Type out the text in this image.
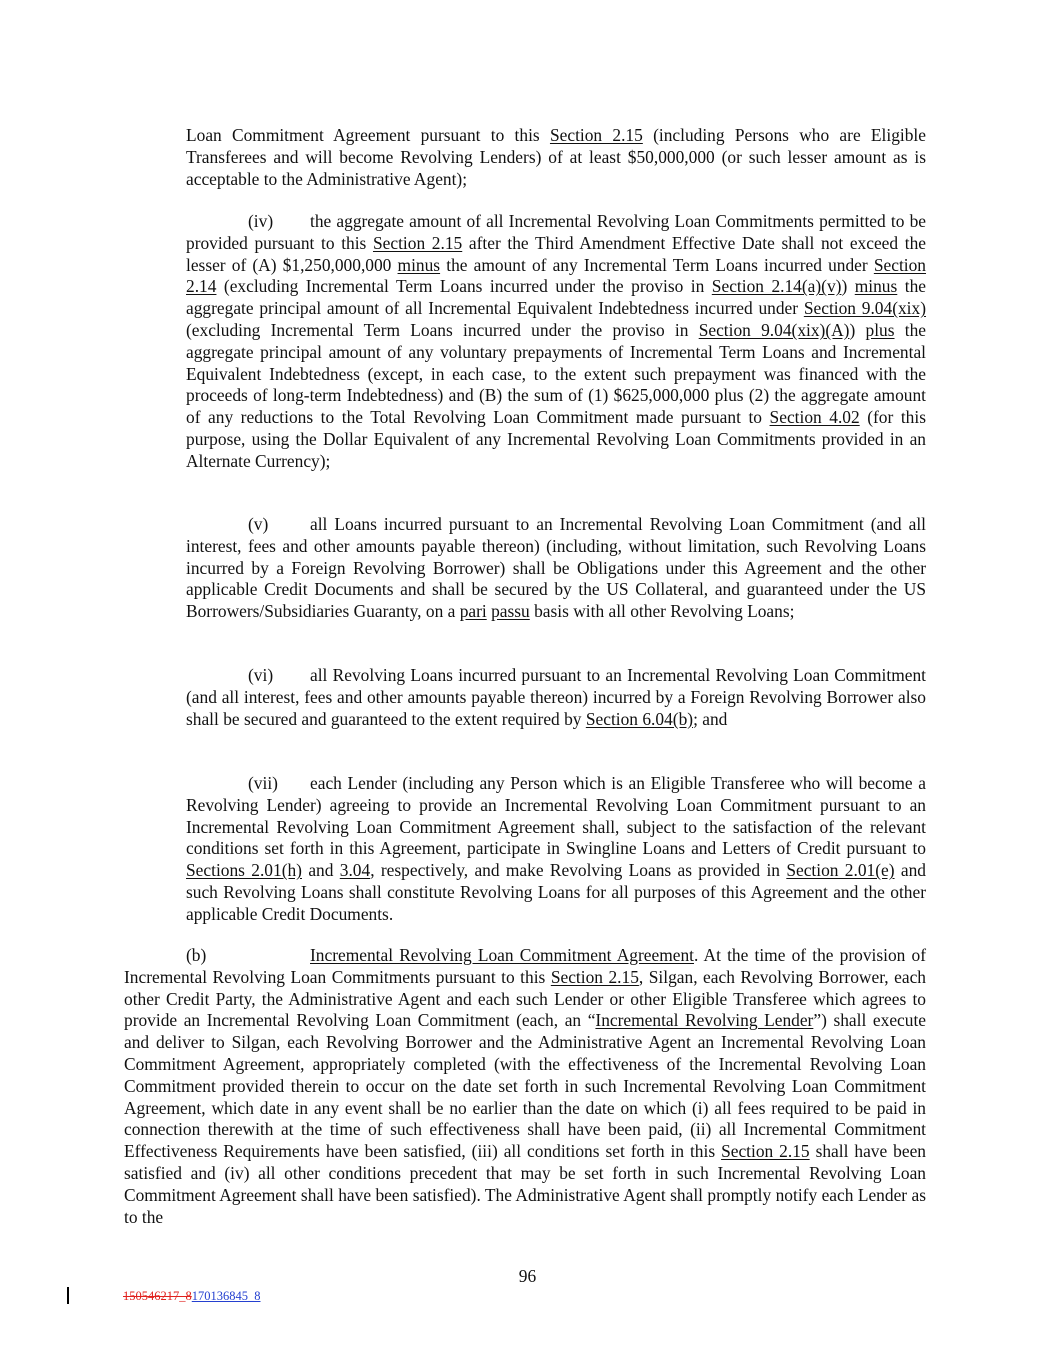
Loan Commitment Agreement pursuant to this Section 2.15 (including Persons who are Eligible Transferees and will become Revolving Lenders) of at least $50,000,000 (or such lesser amount as is acceptable to the Administrative Agent);

(iv) the aggregate amount of all Incremental Revolving Loan Commitments permitted to be provided pursuant to this Section 2.15 after the Third Amendment Effective Date shall not exceed the lesser of (A) $1,250,000,000 minus the amount of any Incremental Term Loans incurred under Section 2.14 (excluding Incremental Term Loans incurred under the proviso in Section 2.14(a)(v)) minus the aggregate principal amount of all Incremental Equivalent Indebtedness incurred under Section 9.04(xix) (excluding Incremental Term Loans incurred under the proviso in Section 9.04(xix)(A)) plus the aggregate principal amount of any voluntary prepayments of Incremental Term Loans and Incremental Equivalent Indebtedness (except, in each case, to the extent such prepayment was financed with the proceeds of long-term Indebtedness) and (B) the sum of (1) $625,000,000 plus (2) the aggregate amount of any reductions to the Total Revolving Loan Commitment made pursuant to Section 4.02 (for this purpose, using the Dollar Equivalent of any Incremental Revolving Loan Commitments provided in an Alternate Currency);

(v) all Loans incurred pursuant to an Incremental Revolving Loan Commitment (and all interest, fees and other amounts payable thereon) (including, without limitation, such Revolving Loans incurred by a Foreign Revolving Borrower) shall be Obligations under this Agreement and the other applicable Credit Documents and shall be secured by the US Collateral, and guaranteed under the US Borrowers/Subsidiaries Guaranty, on a pari passu basis with all other Revolving Loans;

(vi) all Revolving Loans incurred pursuant to an Incremental Revolving Loan Commitment (and all interest, fees and other amounts payable thereon) incurred by a Foreign Revolving Borrower also shall be secured and guaranteed to the extent required by Section 6.04(b); and

(vii) each Lender (including any Person which is an Eligible Transferee who will become a Revolving Lender) agreeing to provide an Incremental Revolving Loan Commitment pursuant to an Incremental Revolving Loan Commitment Agreement shall, subject to the satisfaction of the relevant conditions set forth in this Agreement, participate in Swingline Loans and Letters of Credit pursuant to Sections 2.01(h) and 3.04, respectively, and make Revolving Loans as provided in Section 2.01(e) and such Revolving Loans shall constitute Revolving Loans for all purposes of this Agreement and the other applicable Credit Documents.

(b)	Incremental Revolving Loan Commitment Agreement. At the time of the provision of Incremental Revolving Loan Commitments pursuant to this Section 2.15, Silgan, each Revolving Borrower, each other Credit Party, the Administrative Agent and each such Lender or other Eligible Transferee which agrees to provide an Incremental Revolving Loan Commitment (each, an “Incremental Revolving Lender”) shall execute and deliver to Silgan, each Revolving Borrower and the Administrative Agent an Incremental Revolving Loan Commitment Agreement, appropriately completed (with the effectiveness of the Incremental Revolving Loan Commitment provided therein to occur on the date set forth in such Incremental Revolving Loan Commitment Agreement, which date in any event shall be no earlier than the date on which (i) all fees required to be paid in connection therewith at the time of such effectiveness shall have been paid, (ii) all Incremental Commitment Effectiveness Requirements have been satisfied, (iii) all conditions set forth in this Section 2.15 shall have been satisfied and (iv) all other conditions precedent that may be set forth in such Incremental Revolving Loan Commitment Agreement shall have been satisfied). The Administrative Agent shall promptly notify each Lender as to the

96
150546217_8170136845_8
